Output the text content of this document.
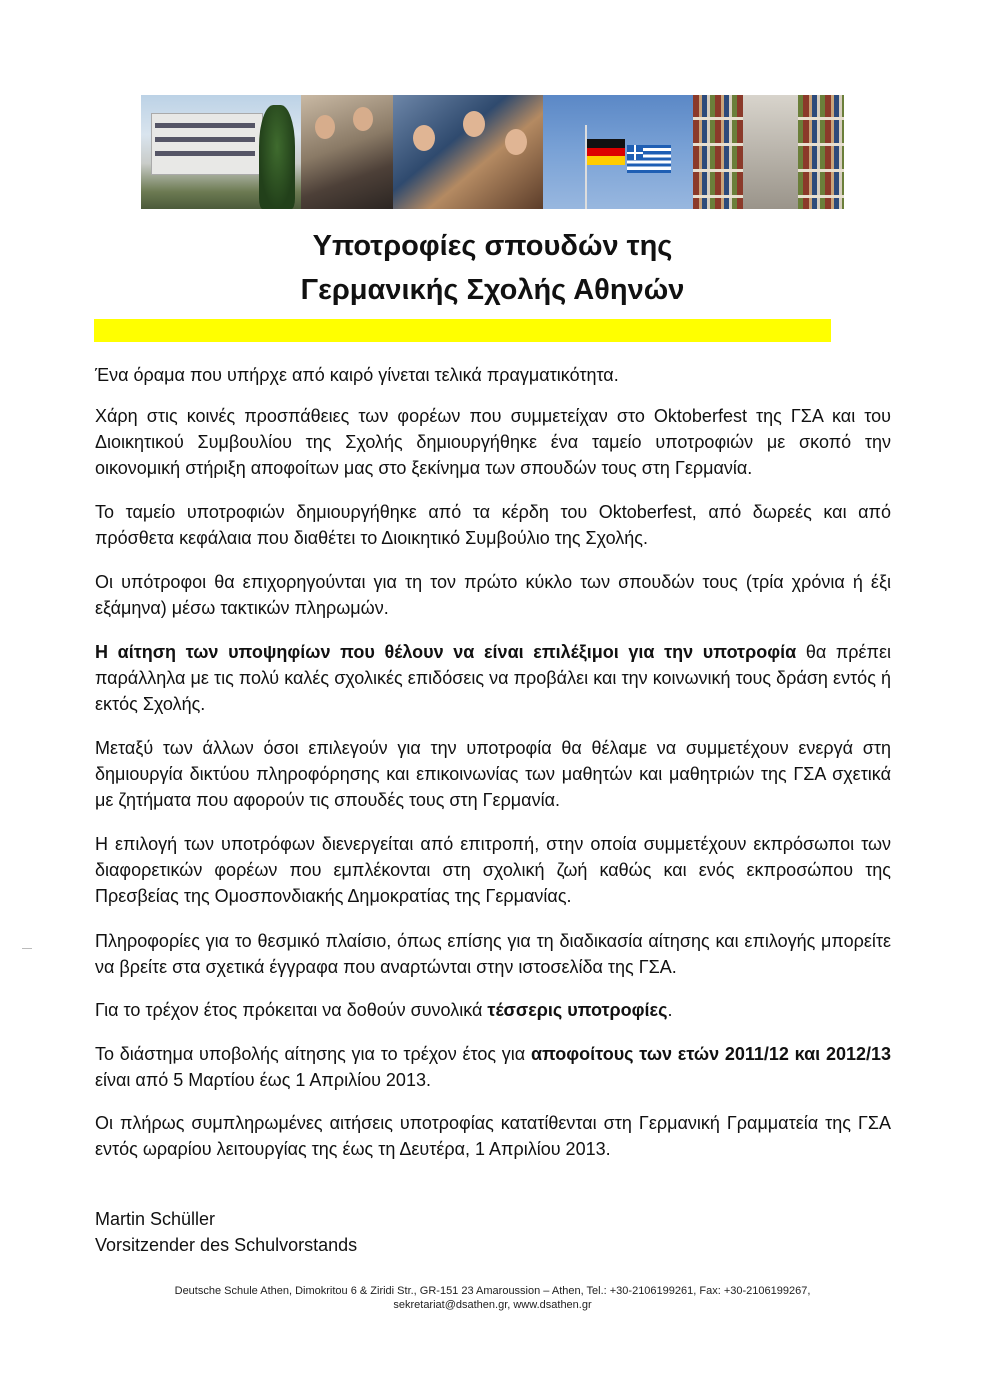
Υποτροφίες σπουδών της
Γερμανικής Σχολής Αθηνών

Ένα όραμα που υπήρχε από καιρό γίνεται τελικά πραγματικότητα.

Χάρη στις κοινές προσπάθειες των φορέων που συμμετείχαν στο Oktoberfest της ΓΣΑ και του Διοικητικού Συμβουλίου της Σχολής δημιουργήθηκε ένα ταμείο υποτροφιών με σκοπό την οικονομική στήριξη αποφοίτων μας στο ξεκίνημα των σπουδών τους στη Γερμανία.

Το ταμείο υποτροφιών δημιουργήθηκε από τα κέρδη του Oktoberfest, από δωρεές και από πρόσθετα κεφάλαια που διαθέτει το Διοικητικό Συμβούλιο της Σχολής.

Οι υπότροφοι θα επιχορηγούνται για τη τον πρώτο κύκλο των σπουδών τους (τρία χρόνια ή έξι εξάμηνα) μέσω τακτικών πληρωμών.

Η αίτηση των υποψηφίων που θέλουν να είναι επιλέξιμοι για την υποτροφία θα πρέπει παράλληλα με τις πολύ καλές σχολικές επιδόσεις να προβάλει και την κοινωνική τους δράση εντός ή εκτός Σχολής.

Μεταξύ των άλλων όσοι επιλεγούν για την υποτροφία θα θέλαμε να συμμετέχουν ενεργά στη δημιουργία δικτύου πληροφόρησης και επικοινωνίας των μαθητών και μαθητριών της ΓΣΑ σχετικά με ζητήματα που αφορούν τις σπουδές τους στη Γερμανία.

Η επιλογή των υποτρόφων διενεργείται από επιτροπή, στην οποία συμμετέχουν εκπρόσωποι των διαφορετικών φορέων που εμπλέκονται στη σχολική ζωή καθώς και ενός εκπροσώπου της Πρεσβείας της Ομοσπονδιακής Δημοκρατίας της Γερμανίας.

Πληροφορίες για το θεσμικό πλαίσιο, όπως επίσης για τη διαδικασία αίτησης και επιλογής μπορείτε να βρείτε στα σχετικά έγγραφα που αναρτώνται στην ιστοσελίδα της ΓΣΑ.

Για το τρέχον έτος πρόκειται να δοθούν συνολικά τέσσερις υποτροφίες.

Το διάστημα υποβολής αίτησης για το τρέχον έτος για αποφοίτους των ετών 2011/12 και 2012/13 είναι από 5 Μαρτίου έως 1 Απριλίου 2013.

Οι πλήρως συμπληρωμένες αιτήσεις υποτροφίας κατατίθενται στη Γερμανική Γραμματεία της ΓΣΑ εντός ωραρίου λειτουργίας της έως τη Δευτέρα, 1 Απριλίου 2013.

Martin Schüller

Vorsitzender des Schulvorstands

Deutsche Schule Athen, Dimokritou 6 & Ziridi Str., GR-151 23 Amaroussion – Athen, Tel.: +30-2106199261, Fax: +30-2106199267,

sekretariat@dsathen.gr, www.dsathen.gr
